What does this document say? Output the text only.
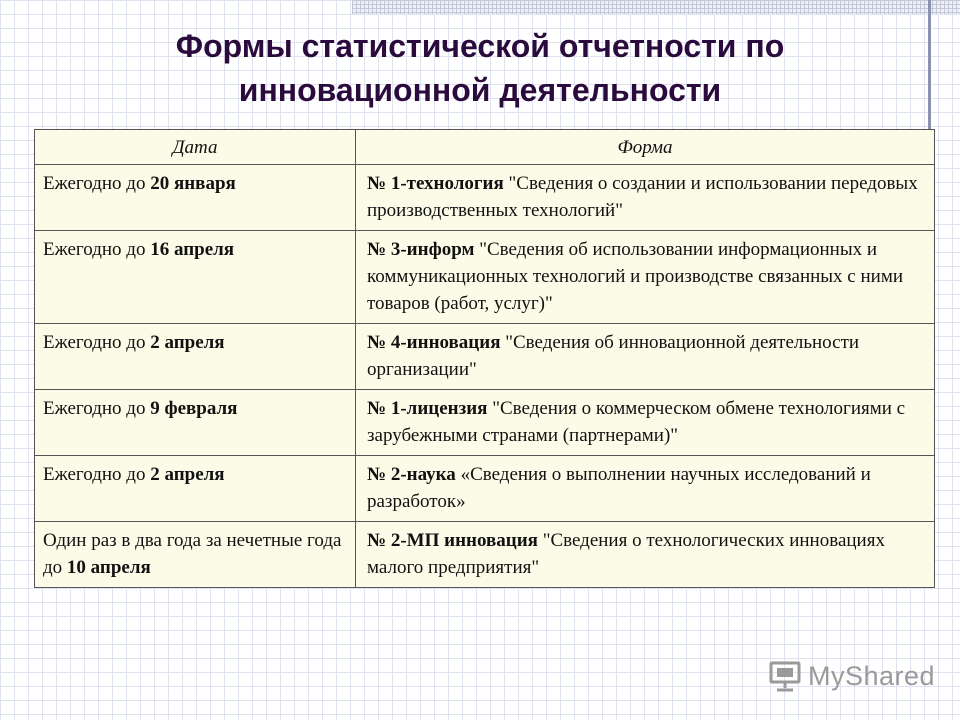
Формы статистической отчетности по инновационной деятельности
Дата	Форма
Ежегодно до 20 января	№ 1-технология "Сведения о создании и использовании передовых производственных технологий"
Ежегодно до 16 апреля	№ 3-информ "Сведения об использовании информационных и коммуникационных технологий и производстве связанных с ними товаров (работ, услуг)"
Ежегодно до 2 апреля	№ 4-инновация "Сведения об инновационной деятельности организации"
Ежегодно до 9 февраля	№ 1-лицензия "Сведения о коммерческом обмене технологиями с зарубежными странами (партнерами)"
Ежегодно до 2 апреля	№ 2-наука «Сведения о выполнении научных исследований и разработок»
Один раз в два года за нечетные года до 10 апреля	№ 2-МП инновация "Сведения о технологических инновациях малого предприятия"
MyShared
